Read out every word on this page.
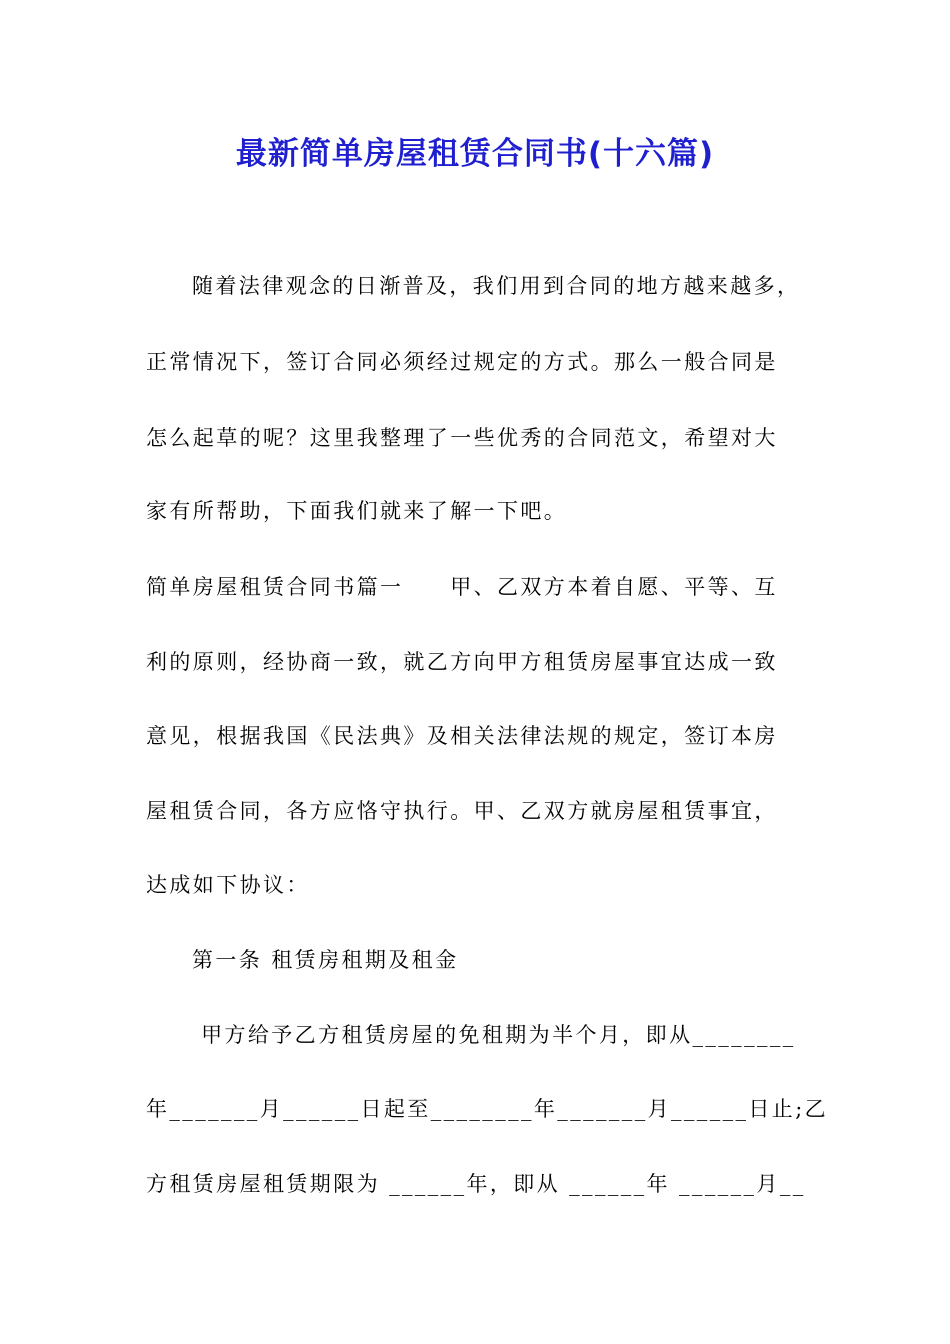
最新简单房屋租赁合同书(十六篇)
随着法律观念的日渐普及，我们用到合同的地方越来越多，
正常情况下，签订合同必须经过规定的方式。那么一般合同是
怎么起草的呢？这里我整理了一些优秀的合同范文，希望对大
家有所帮助，下面我们就来了解一下吧。
简单房屋租赁合同书篇一　　甲、乙双方本着自愿、平等、互
利的原则，经协商一致，就乙方向甲方租赁房屋事宜达成一致
意见，根据我国《民法典》及相关法律法规的规定，签订本房
屋租赁合同，各方应恪守执行。甲、乙双方就房屋租赁事宜，
达成如下协议：
第一条 租赁房租期及租金
甲方给予乙方租赁房屋的免租期为半个月，即从________
年_______月______日起至________年_______月______日止;乙
方租赁房屋租赁期限为 ______年，即从 ______年 ______月__
